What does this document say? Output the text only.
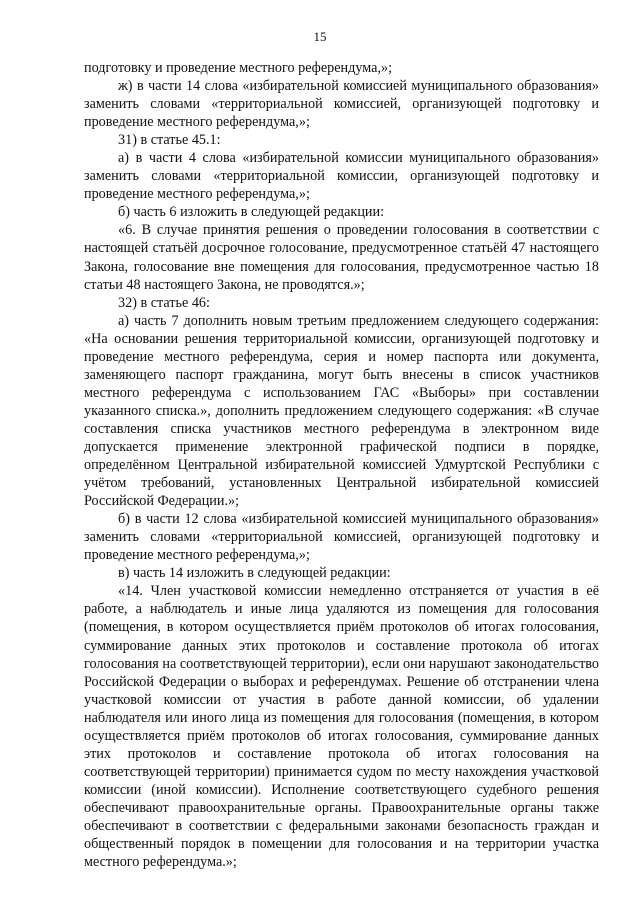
15

подготовку и проведение местного референдума,»;

ж) в части 14 слова «избирательной комиссией муниципального образования» заменить словами «территориальной комиссией, организующей подготовку и проведение местного референдума,»;

31) в статье 45.1:

а) в части 4 слова «избирательной комиссии муниципального образования» заменить словами «территориальной комиссии, организующей подготовку и проведение местного референдума,»;

б) часть 6 изложить в следующей редакции:

«6. В случае принятия решения о проведении голосования в соответствии с настоящей статьёй досрочное голосование, предусмотренное статьёй 47 настоящего Закона, голосование вне помещения для голосования, предусмотренное частью 18 статьи 48 настоящего Закона, не проводятся.»;

32) в статье 46:

а) часть 7 дополнить новым третьим предложением следующего содержания: «На основании решения территориальной комиссии, организующей подготовку и проведение местного референдума, серия и номер паспорта или документа, заменяющего паспорт гражданина, могут быть внесены в список участников местного референдума с использованием ГАС «Выборы» при составлении указанного списка.», дополнить предложением следующего содержания: «В случае составления списка участников местного референдума в электронном виде допускается применение электронной графической подписи в порядке, определённом Центральной избирательной комиссией Удмуртской Республики с учётом требований, установленных Центральной избирательной комиссией Российской Федерации.»;

б) в части 12 слова «избирательной комиссией муниципального образования» заменить словами «территориальной комиссией, организующей подготовку и проведение местного референдума,»;

в) часть 14 изложить в следующей редакции:

«14. Член участковой комиссии немедленно отстраняется от участия в её работе, а наблюдатель и иные лица удаляются из помещения для голосования (помещения, в котором осуществляется приём протоколов об итогах голосования, суммирование данных этих протоколов и составление протокола об итогах голосования на соответствующей территории), если они нарушают законодательство Российской Федерации о выборах и референдумах. Решение об отстранении члена участковой комиссии от участия в работе данной комиссии, об удалении наблюдателя или иного лица из помещения для голосования (помещения, в котором осуществляется приём протоколов об итогах голосования, суммирование данных этих протоколов и составление протокола об итогах голосования на соответствующей территории) принимается судом по месту нахождения участковой комиссии (иной комиссии). Исполнение соответствующего судебного решения обеспечивают правоохранительные органы. Правоохранительные органы также обеспечивают в соответствии с федеральными законами безопасность граждан и общественный порядок в помещении для голосования и на территории участка местного референдума.»;
